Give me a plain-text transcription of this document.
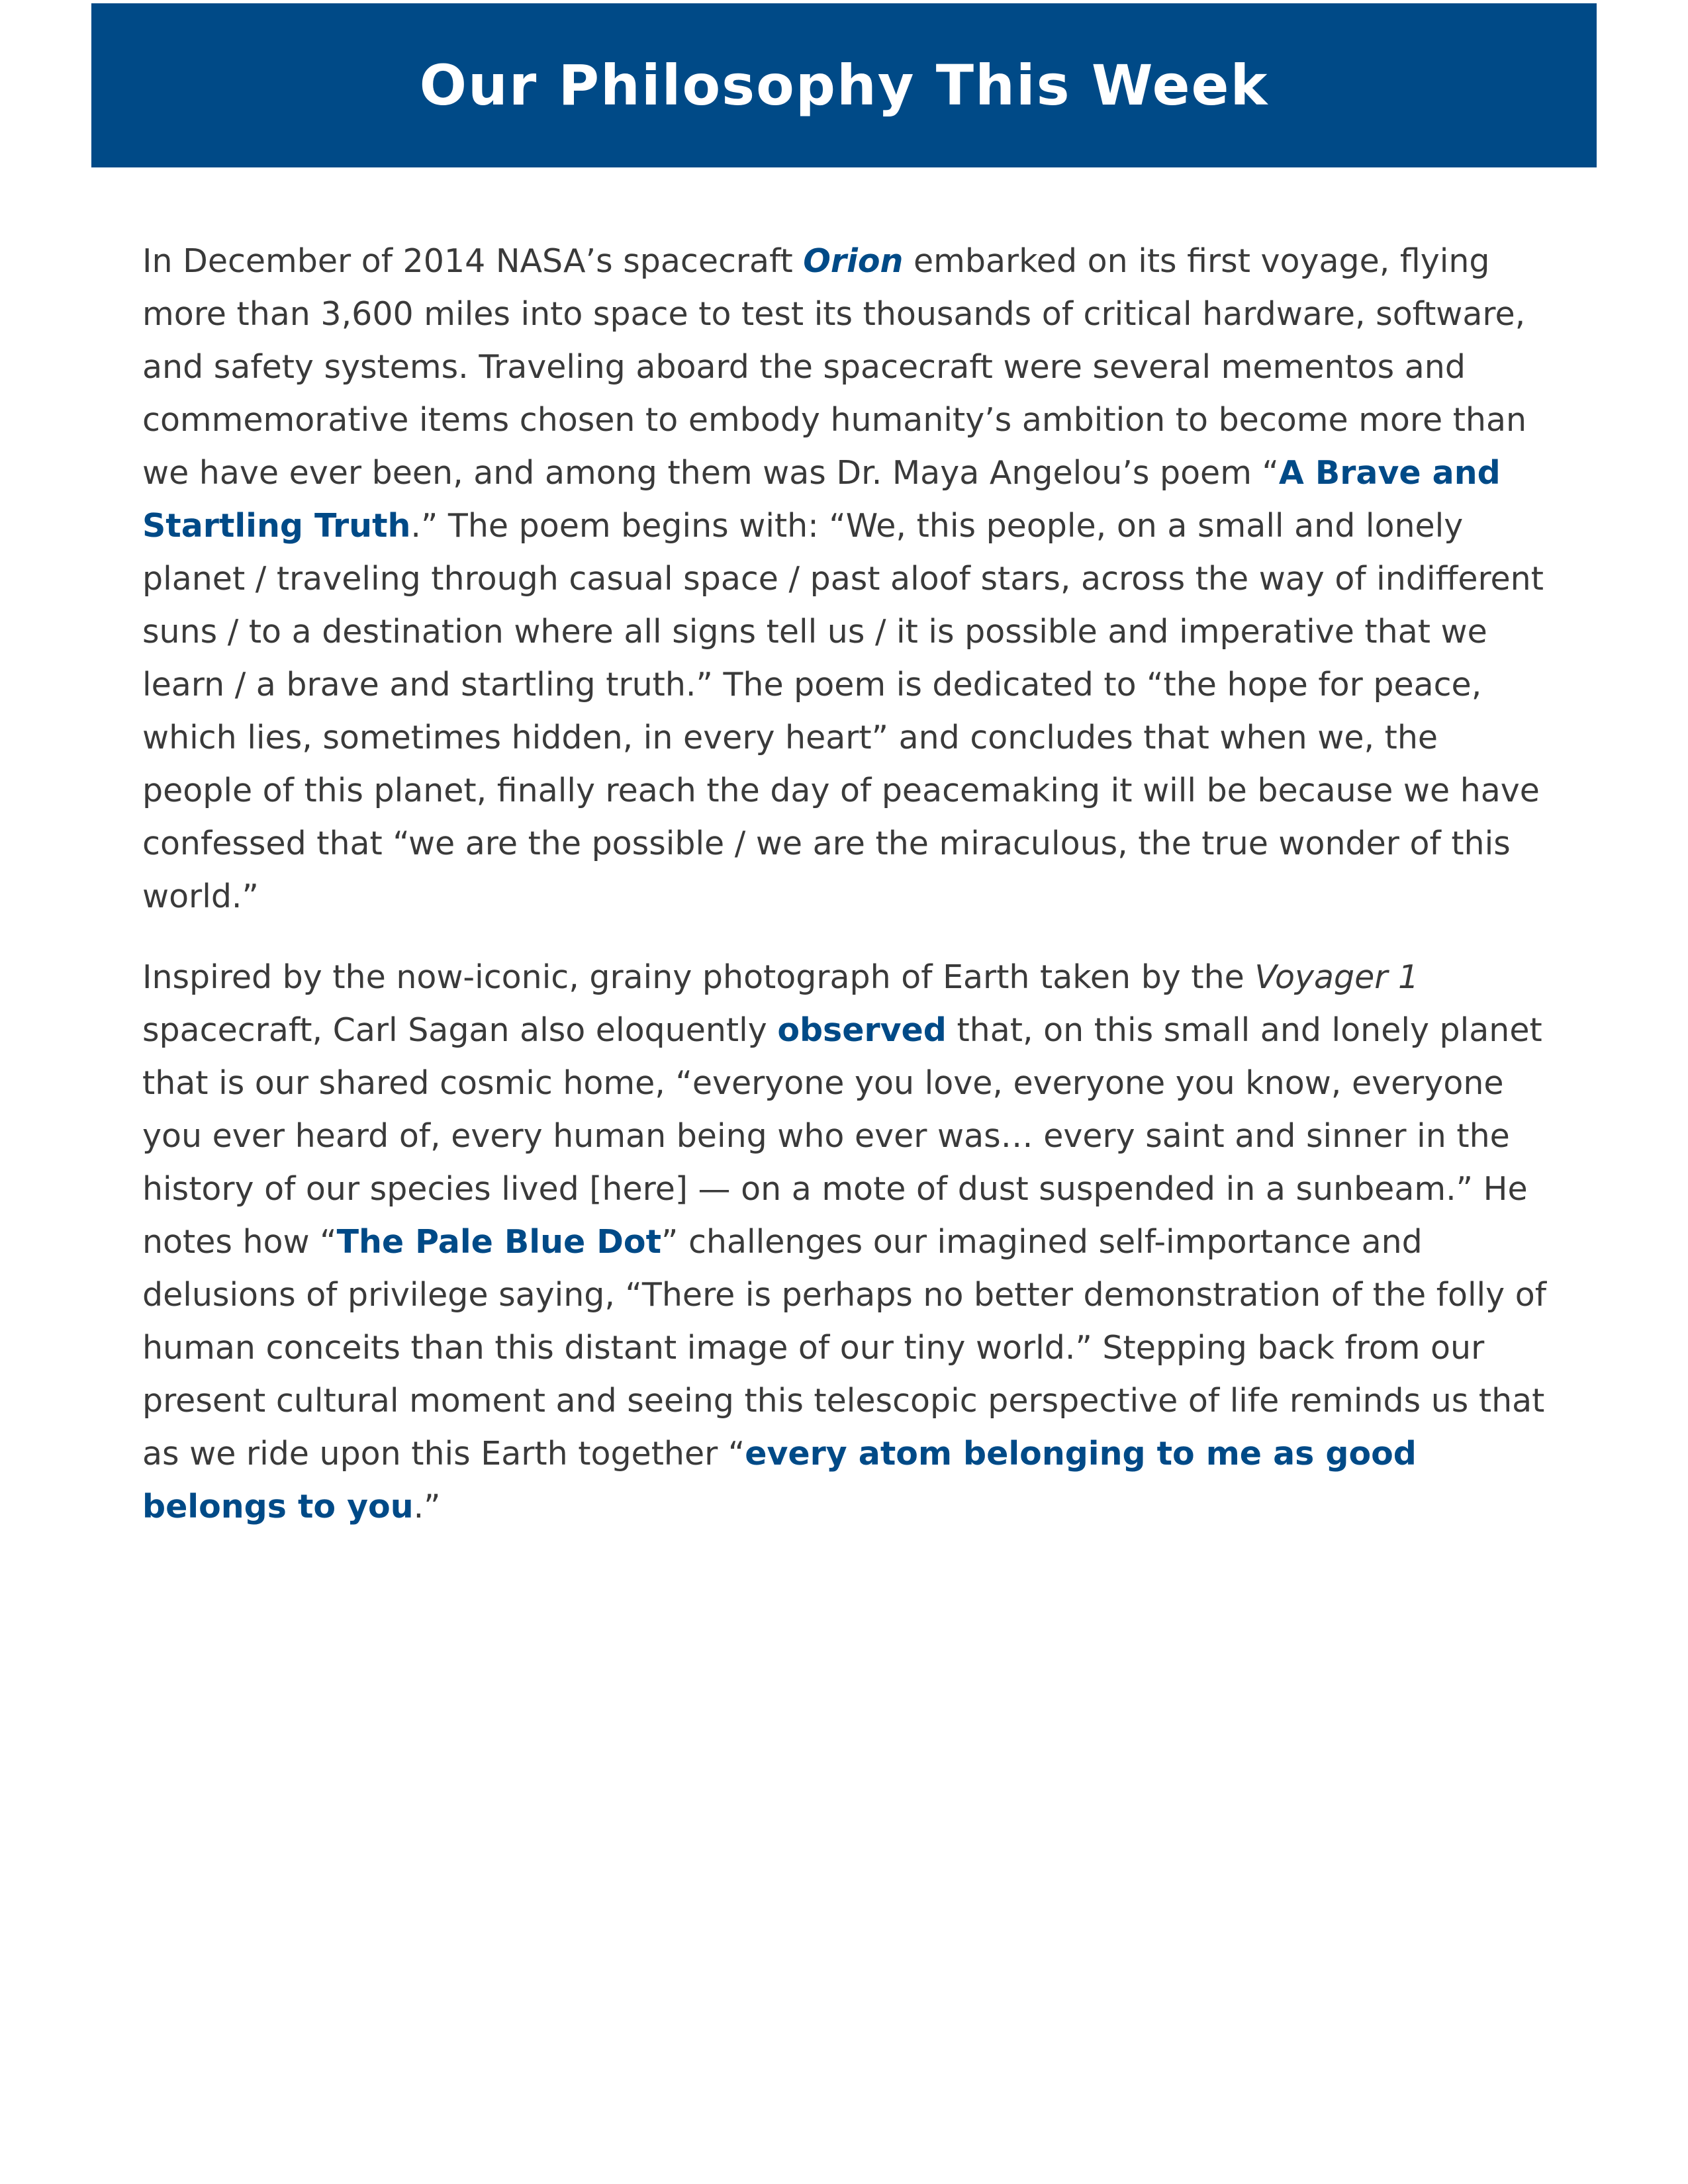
Our Philosophy This Week

In December of 2014 NASA’s spacecraft Orion embarked on its first voyage, flying more than 3,600 miles into space to test its thousands of critical hardware, software, and safety systems. Traveling aboard the spacecraft were several mementos and commemorative items chosen to embody humanity’s ambition to become more than we have ever been, and among them was Dr. Maya Angelou’s poem “A Brave and Startling Truth.” The poem begins with: “We, this people, on a small and lonely planet / traveling through casual space / past aloof stars, across the way of indifferent suns / to a destination where all signs tell us / it is possible and imperative that we learn / a brave and startling truth.” The poem is dedicated to “the hope for peace, which lies, sometimes hidden, in every heart” and concludes that when we, the people of this planet, finally reach the day of peacemaking it will be because we have confessed that “we are the possible / we are the miraculous, the true wonder of this world.”

Inspired by the now-iconic, grainy photograph of Earth taken by the Voyager 1 spacecraft, Carl Sagan also eloquently observed that, on this small and lonely planet that is our shared cosmic home, “everyone you love, everyone you know, everyone you ever heard of, every human being who ever was… every saint and sinner in the history of our species lived [here] — on a mote of dust suspended in a sunbeam.” He notes how “The Pale Blue Dot” challenges our imagined self-importance and delusions of privilege saying, “There is perhaps no better demonstration of the folly of human conceits than this distant image of our tiny world.” Stepping back from our present cultural moment and seeing this telescopic perspective of life reminds us that as we ride upon this Earth together “every atom belonging to me as good belongs to you.”
